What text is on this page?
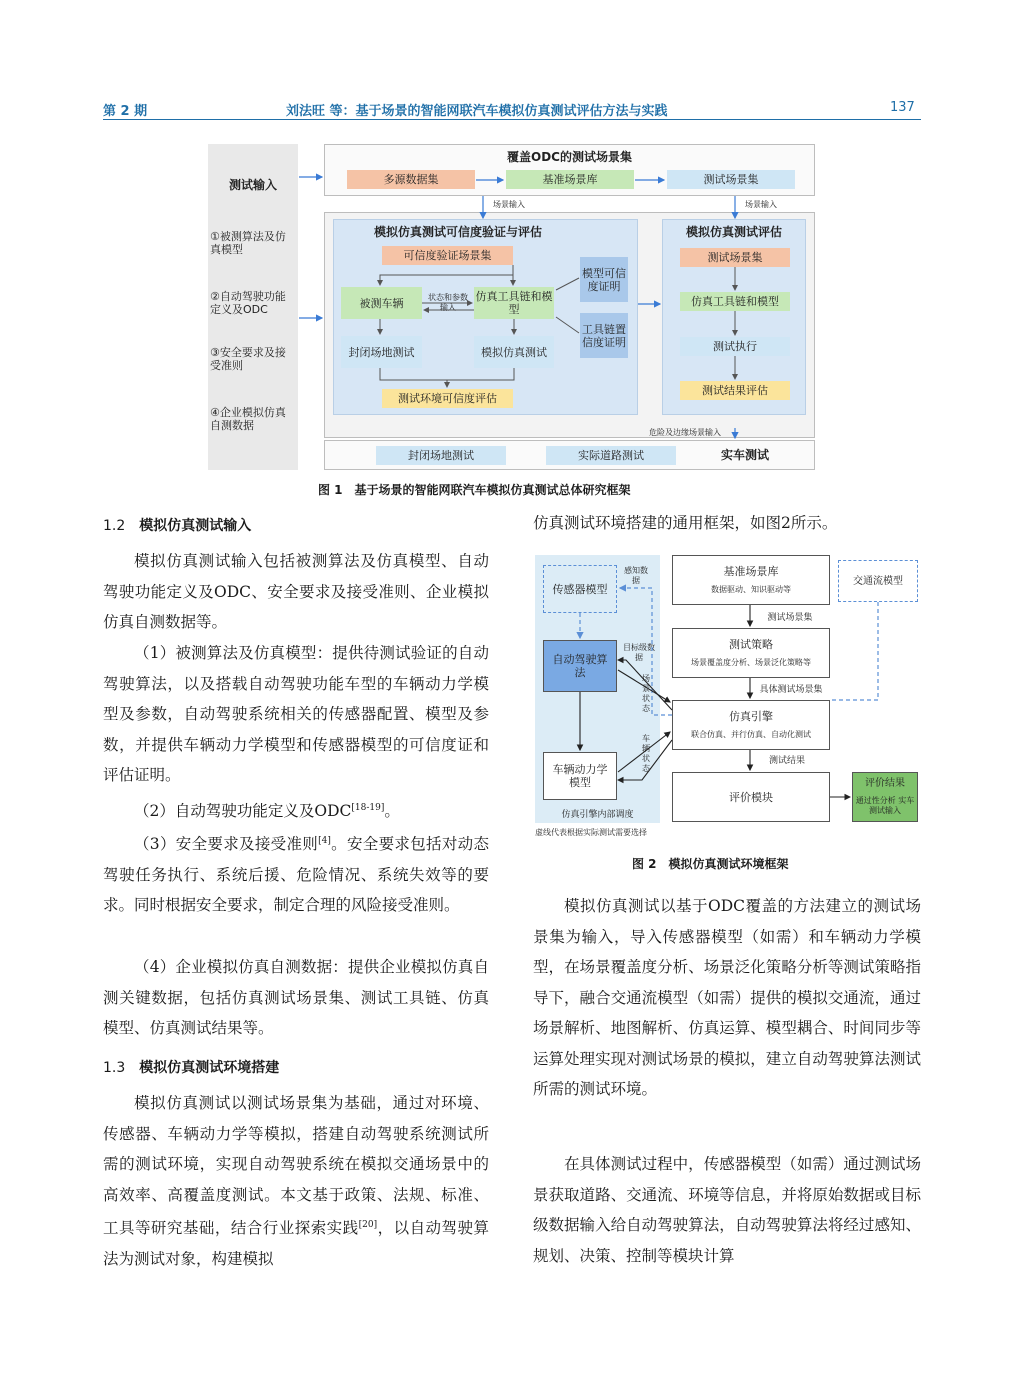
第 2 期	刘法旺 等：基于场景的智能网联汽车模拟仿真测试评估方法与实践	137
测试输入
①被测算法及仿真模型
②自动驾驶功能定义及ODC
③安全要求及接受准则
④企业模拟仿真自测数据
覆盖ODC的测试场景集
多源数据集	基准场景库	测试场景集
模拟仿真测试可信度验证与评估
可信度验证场景集
被测车辆	状态和参数输入
仿真工具链和模型
模型可信度证明
工具链置信度证明
封闭场地测试	模拟仿真测试
测试环境可信度评估
模拟仿真测试评估
测试场景集
仿真工具链和模型
测试执行
测试结果评估
封闭场地测试	实际道路测试	实车测试
场景输入	场景输入
危险及边缘场景输入
图 1 基于场景的智能网联汽车模拟仿真测试总体研究框架
1.2 模拟仿真测试输入
模拟仿真测试输入包括被测算法及仿真模型、自动驾驶功能定义及ODC、安全要求及接受准则、企业模拟仿真自测数据等。
（1）被测算法及仿真模型：提供待测试验证的自动驾驶算法，以及搭载自动驾驶功能车型的车辆动力学模型及参数，自动驾驶系统相关的传感器配置、模型及参数，并提供车辆动力学模型和传感器模型的可信度证和评估证明。
（2）自动驾驶功能定义及ODC[18-19]。
（3）安全要求及接受准则[4]。安全要求包括对动态驾驶任务执行、系统后援、危险情况、系统失效等的要求。同时根据安全要求，制定合理的风险接受准则。
（4）企业模拟仿真自测数据：提供企业模拟仿真自测关键数据，包括仿真测试场景集、测试工具链、仿真模型、仿真测试结果等。
1.3 模拟仿真测试环境搭建
模拟仿真测试以测试场景集为基础，通过对环境、传感器、车辆动力学等模拟，搭建自动驾驶系统测试所需的测试环境，实现自动驾驶系统在模拟交通场景中的高效率、高覆盖度测试。本文基于政策、法规、标准、工具等研究基础，结合行业探索实践[20]，以自动驾驶算法为测试对象，构建模拟
仿真测试环境搭建的通用框架，如图2所示。
传感器模型
感知数据
自动驾驶算法
目标级数据
场景状态
车辆状态
车辆动力学模型
仿真引擎内部调度
虚线代表根据实际测试需要选择
基准场景库
数据驱动、知识驱动等
交通流模型
测试场景集
测试策略
场景覆盖度分析、场景泛化策略等
具体测试场景集
仿真引擎
联合仿真、并行仿真、自动化测试
测试结果
评价模块
评价结果
通过性分析 实车测试输入
图 2 模拟仿真测试环境框架
模拟仿真测试以基于ODC覆盖的方法建立的测试场景集为输入，导入传感器模型（如需）和车辆动力学模型，在场景覆盖度分析、场景泛化策略分析等测试策略指导下，融合交通流模型（如需）提供的模拟交通流，通过场景解析、地图解析、仿真运算、模型耦合、时间同步等运算处理实现对测试场景的模拟，建立自动驾驶算法测试所需的测试环境。
在具体测试过程中，传感器模型（如需）通过测试场景获取道路、交通流、环境等信息，并将原始数据或目标级数据输入给自动驾驶算法，自动驾驶算法将经过感知、规划、决策、控制等模块计算
